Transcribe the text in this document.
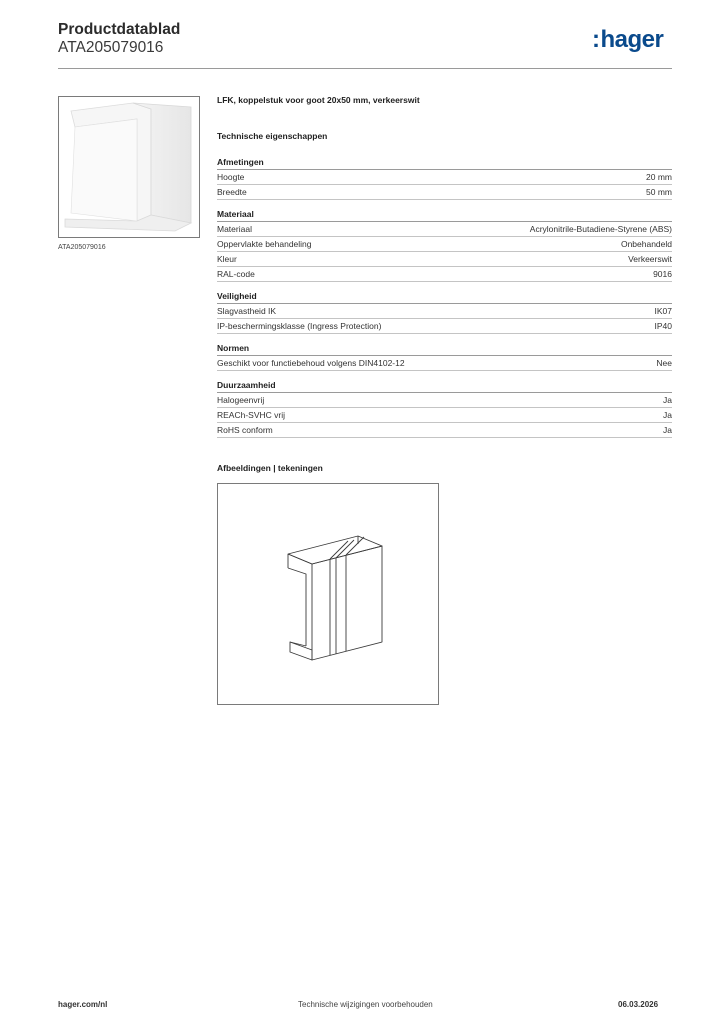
Productdatablad
ATA205079016	:hager
ATA205079016
LFK, koppelstuk voor goot 20x50 mm, verkeerswit
Technische eigenschappen
Afmetingen
Hoogte	20 mm
Breedte	50 mm
Materiaal
Materiaal	Acrylonitrile-Butadiene-Styrene (ABS)
Oppervlakte behandeling	Onbehandeld
Kleur	Verkeerswit
RAL-code	9016
Veiligheid
Slagvastheid IK	IK07
IP-beschermingsklasse (Ingress Protection)	IP40
Normen
Geschikt voor functiebehoud volgens DIN4102-12	Nee
Duurzaamheid
Halogeenvrij	Ja
REACh-SVHC vrij	Ja
RoHS conform	Ja
Afbeeldingen | tekeningen
hager.com/nl	Technische wijzigingen voorbehouden	06.03.2026
